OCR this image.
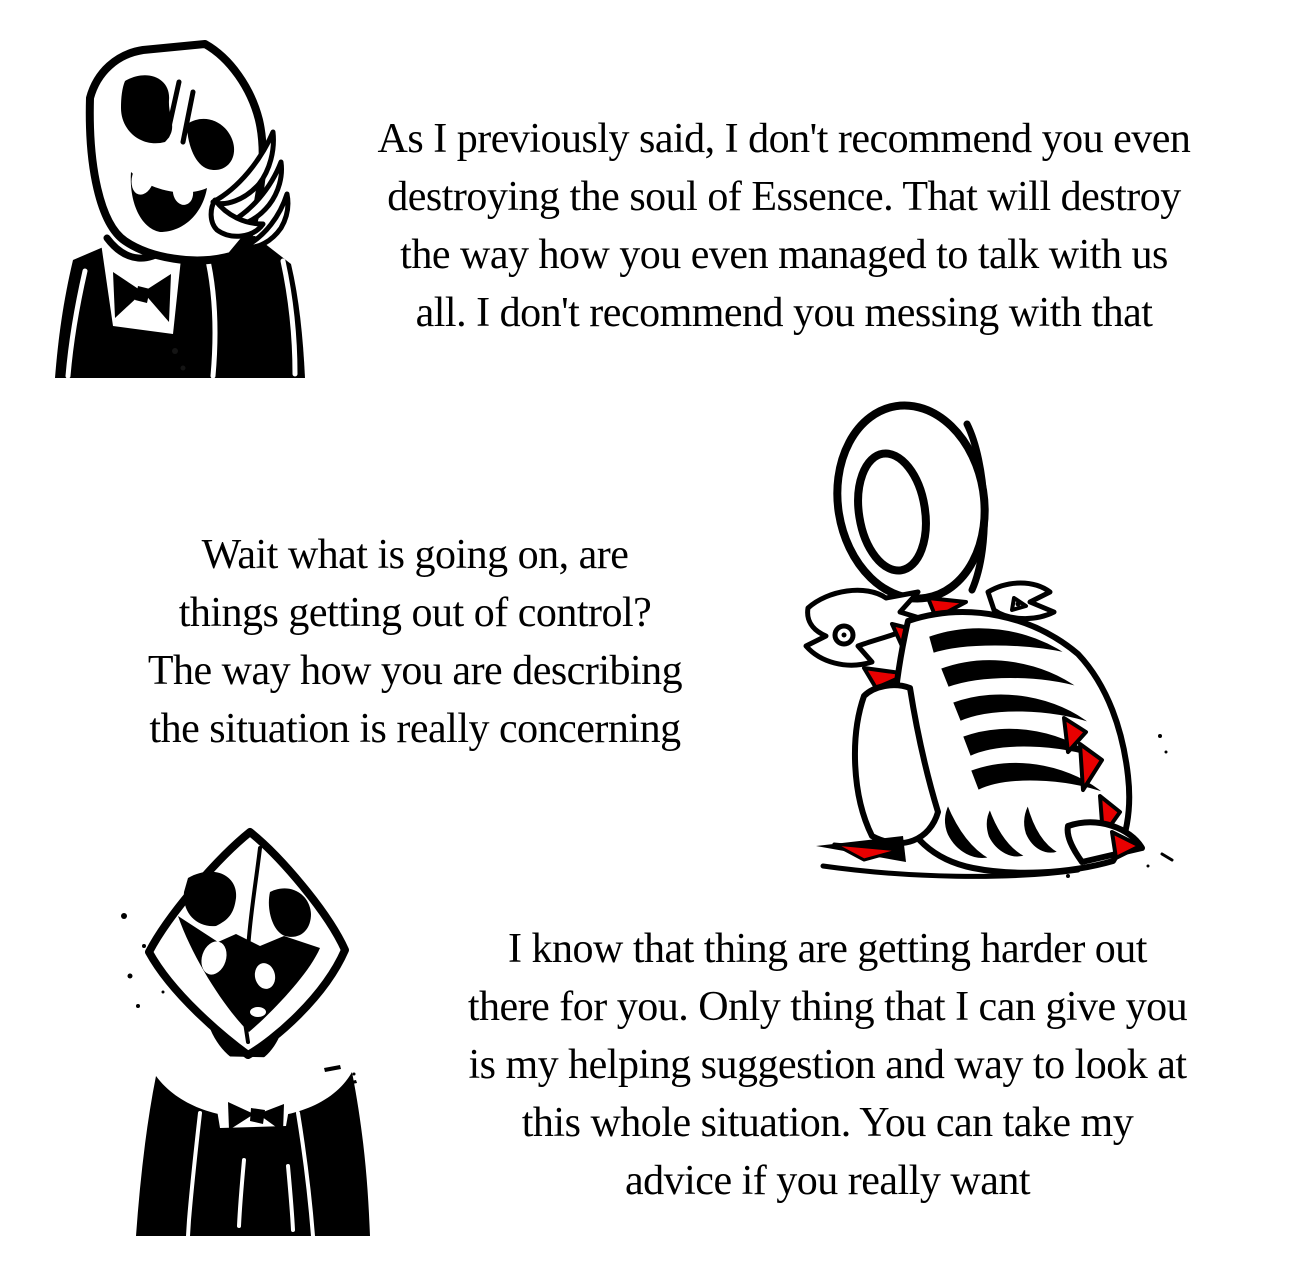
As I previously said, I don't recommend you even
destroying the soul of Essence. That will destroy
the way how you even managed to talk with us
all. I don't recommend you messing with that
Wait what is going on, are
things getting out of control?
The way how you are describing
the situation is really concerning
I know that thing are getting harder out
there for you. Only thing that I can give you
is my helping suggestion and way to look at
this whole situation. You can take my
advice if you really want
